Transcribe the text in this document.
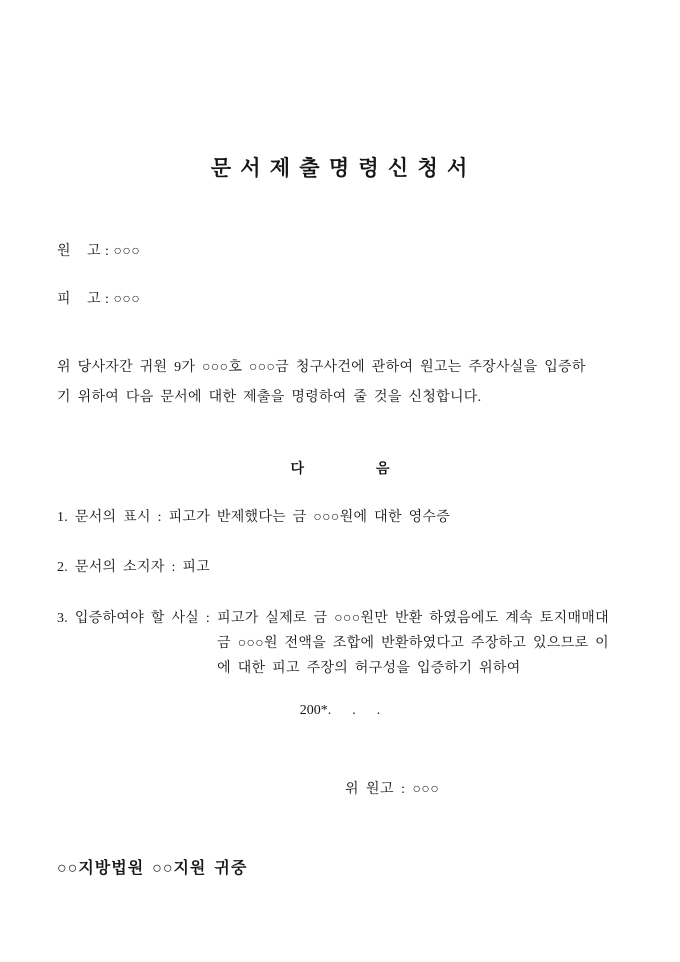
문 서 제 출 명 령 신 청 서
원    고 : ○○○
피    고 : ○○○
위 당사자간 귀원 9가 ○○○호 ○○○금 청구사건에 관하여 원고는 주장사실을 입증하
기 위하여 다음 문서에 대한 제출을 명령하여 줄 것을 신청합니다.
다	음
1. 문서의 표시 : 피고가 반제했다는 금 ○○○원에 대한 영수증
2. 문서의 소지자 : 피고
3. 입증하여야 할 사실 : 피고가 실제로 금 ○○○원만 반환 하였음에도 계속 토지매매대
금 ○○○원 전액을 조합에 반환하였다고 주장하고 있으므로 이
에 대한 피고 주장의 허구성을 입증하기 위하여
200*.      .      .
위 원고 : ○○○
○○지방법원 ○○지원 귀중
